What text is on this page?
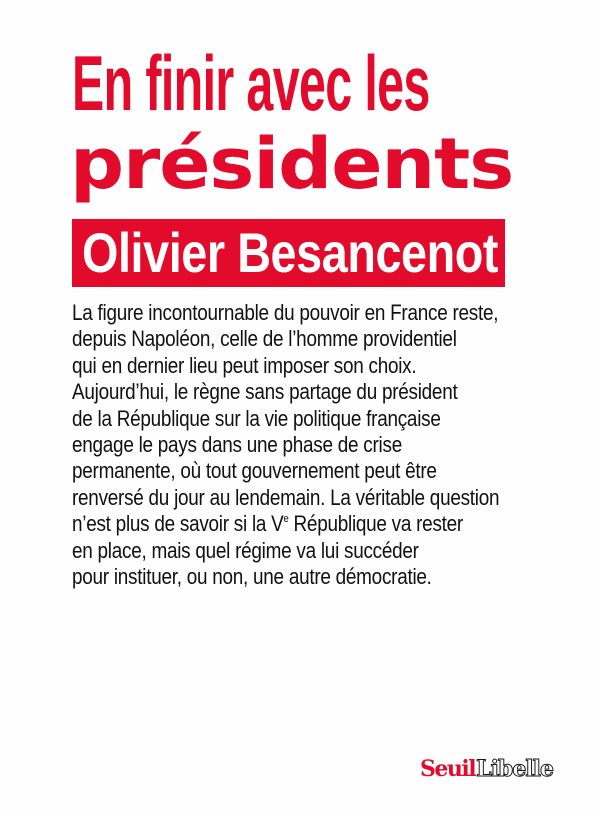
En finir avec les
présidents
Olivier Besancenot
La figure incontournable du pouvoir en France reste,
depuis Napoléon, celle de l’homme providentiel
qui en dernier lieu peut imposer son choix.
Aujourd’hui, le règne sans partage du président
de la République sur la vie politique française
engage le pays dans une phase de crise
permanente, où tout gouvernement peut être
renversé du jour au lendemain. La véritable question
n’est plus de savoir si la Ve République va rester
en place, mais quel régime va lui succéder
pour instituer, ou non, une autre démocratie.
SeuilLibelle
